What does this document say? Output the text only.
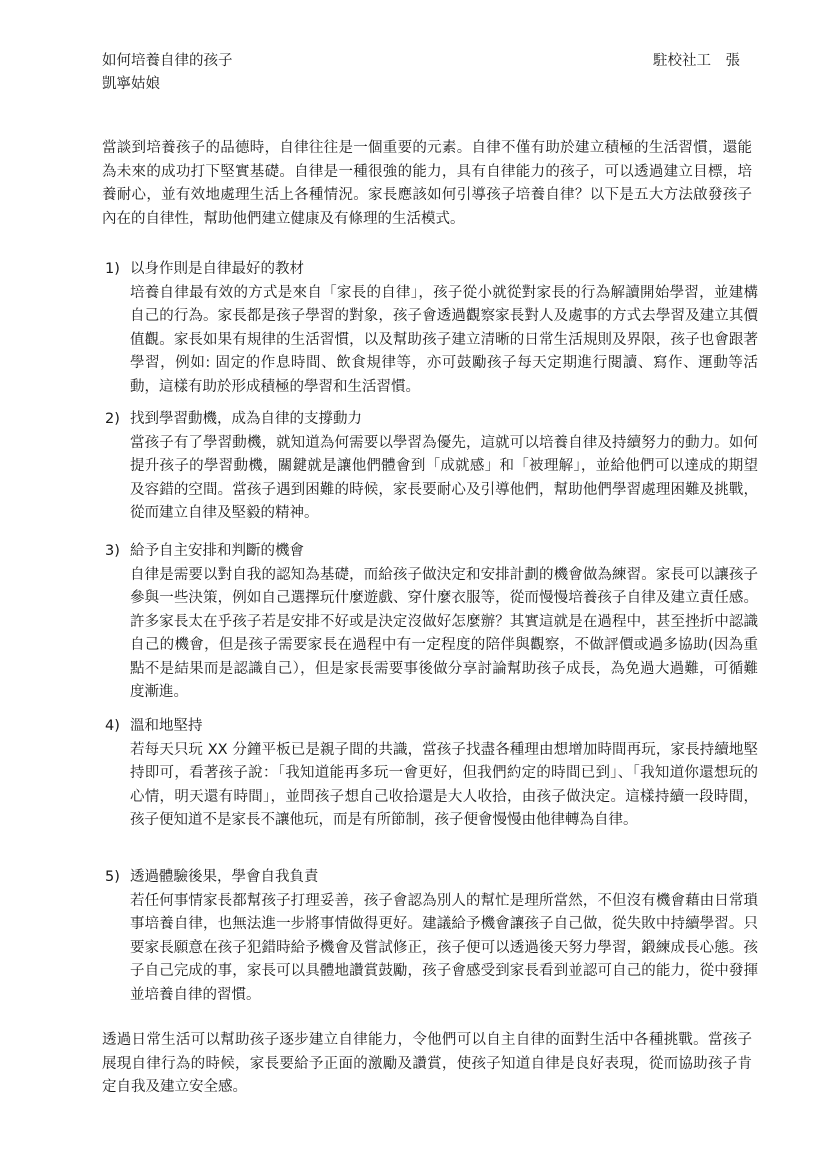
如何培養自律的孩子
凱寧姑娘
駐校社工　張
當談到培養孩子的品德時，自律往往是一個重要的元素。自律不僅有助於建立積極的生活習慣，還能為未來的成功打下堅實基礎。自律是一種很強的能力，具有自律能力的孩子，可以透過建立目標，培養耐心，並有效地處理生活上各種情況。家長應該如何引導孩子培養自律？以下是五大方法啟發孩子內在的自律性，幫助他們建立健康及有條理的生活模式。
1) 以身作則是自律最好的教材
培養自律最有效的方式是來自「家長的自律」，孩子從小就從對家長的行為解讀開始學習，並建構自己的行為。家長都是孩子學習的對象，孩子會透過觀察家長對人及處事的方式去學習及建立其價值觀。家長如果有規律的生活習慣，以及幫助孩子建立清晰的日常生活規則及界限，孩子也會跟著學習，例如: 固定的作息時間、飲食規律等，亦可鼓勵孩子每天定期進行閱讀、寫作、運動等活動，這樣有助於形成積極的學習和生活習慣。
2) 找到學習動機，成為自律的支撐動力
當孩子有了學習動機，就知道為何需要以學習為優先，這就可以培養自律及持續努力的動力。如何提升孩子的學習動機，關鍵就是讓他們體會到「成就感」和「被理解」，並給他們可以達成的期望及容錯的空間。當孩子遇到困難的時候，家長要耐心及引導他們，幫助他們學習處理困難及挑戰，從而建立自律及堅毅的精神。
3) 給予自主安排和判斷的機會
自律是需要以對自我的認知為基礎，而給孩子做決定和安排計劃的機會做為練習。家長可以讓孩子參與一些決策，例如自己選擇玩什麼遊戲、穿什麼衣服等，從而慢慢培養孩子自律及建立責任感。許多家長太在乎孩子若是安排不好或是決定沒做好怎麼辦？其實這就是在過程中，甚至挫折中認識自己的機會，但是孩子需要家長在過程中有一定程度的陪伴與觀察，不做評價或過多協助(因為重點不是結果而是認識自己），但是家長需要事後做分享討論幫助孩子成長，為免過大過難，可循難度漸進。
4) 溫和地堅持
若每天只玩 XX 分鐘平板已是親子間的共識，當孩子找盡各種理由想增加時間再玩，家長持續地堅持即可，看著孩子說：「我知道能再多玩一會更好，但我們約定的時間已到」、「我知道你還想玩的心情，明天還有時間」，並問孩子想自己收拾還是大人收拾，由孩子做決定。這樣持續一段時間，孩子便知道不是家長不讓他玩，而是有所節制，孩子便會慢慢由他律轉為自律。
5) 透過體驗後果，學會自我負責
若任何事情家長都幫孩子打理妥善，孩子會認為別人的幫忙是理所當然，不但沒有機會藉由日常瑣事培養自律，也無法進一步將事情做得更好。建議給予機會讓孩子自己做，從失敗中持續學習。只要家長願意在孩子犯錯時給予機會及嘗試修正，孩子便可以透過後天努力學習，鍛練成長心態。孩子自己完成的事，家長可以具體地讚賞鼓勵，孩子會感受到家長看到並認可自己的能力，從中發揮並培養自律的習慣。
透過日常生活可以幫助孩子逐步建立自律能力，令他們可以自主自律的面對生活中各種挑戰。當孩子展現自律行為的時候，家長要給予正面的激勵及讚賞，使孩子知道自律是良好表現，從而協助孩子肯定自我及建立安全感。
